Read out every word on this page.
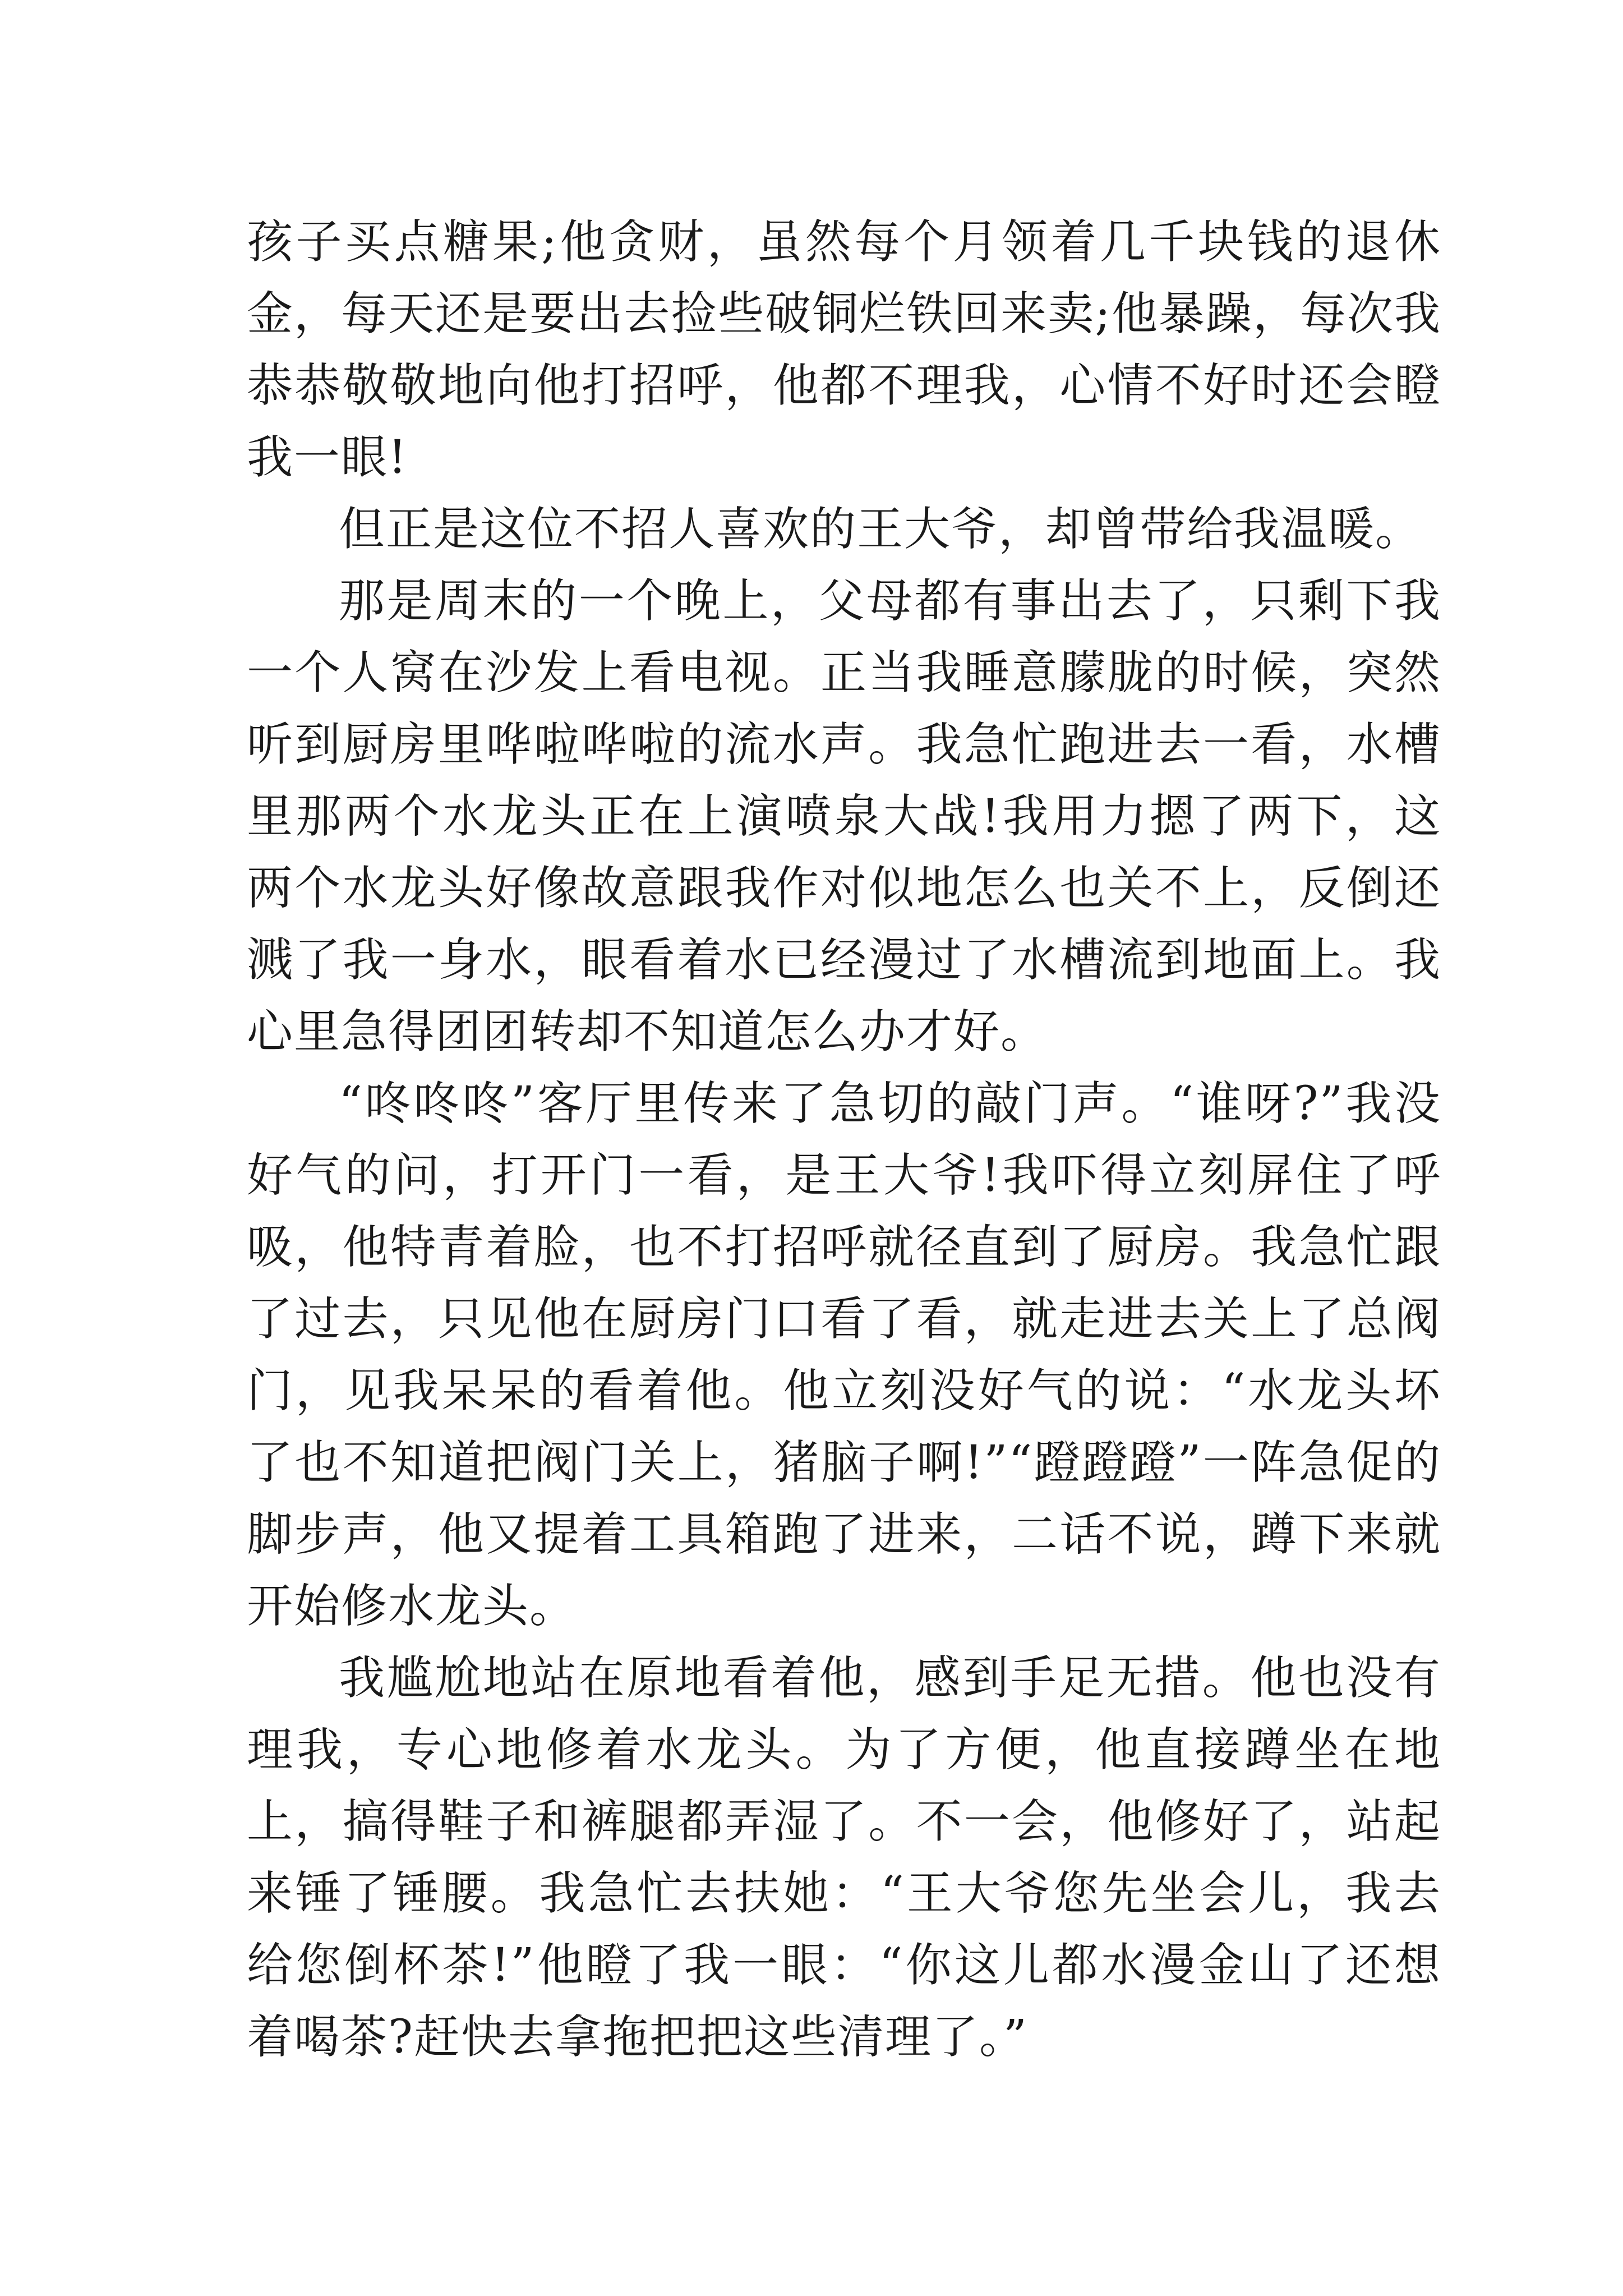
孩子买点糖果;他贪财，虽然每个月领着几千块钱的退休金，每天还是要出去捡些破铜烂铁回来卖;他暴躁，每次我恭恭敬敬地向他打招呼，他都不理我，心情不好时还会瞪我一眼!

但正是这位不招人喜欢的王大爷，却曾带给我温暖。

那是周末的一个晚上，父母都有事出去了，只剩下我一个人窝在沙发上看电视。正当我睡意朦胧的时候，突然听到厨房里哗啦哗啦的流水声。我急忙跑进去一看，水槽里那两个水龙头正在上演喷泉大战!我用力摁了两下，这两个水龙头好像故意跟我作对似地怎么也关不上，反倒还溅了我一身水，眼看着水已经漫过了水槽流到地面上。我心里急得团团转却不知道怎么办才好。

“咚咚咚”客厅里传来了急切的敲门声。“谁呀?”我没好气的问，打开门一看，是王大爷!我吓得立刻屏住了呼吸，他特青着脸，也不打招呼就径直到了厨房。我急忙跟了过去，只见他在厨房门口看了看，就走进去关上了总阀门，见我呆呆的看着他。他立刻没好气的说：“水龙头坏了也不知道把阀门关上，猪脑子啊!”“蹬蹬蹬”一阵急促的脚步声，他又提着工具箱跑了进来，二话不说，蹲下来就开始修水龙头。

我尴尬地站在原地看着他，感到手足无措。他也没有理我，专心地修着水龙头。为了方便，他直接蹲坐在地上，搞得鞋子和裤腿都弄湿了。不一会，他修好了，站起来锤了锤腰。我急忙去扶她：“王大爷您先坐会儿，我去给您倒杯茶!”他瞪了我一眼：“你这儿都水漫金山了还想着喝茶?赶快去拿拖把把这些清理了。”
